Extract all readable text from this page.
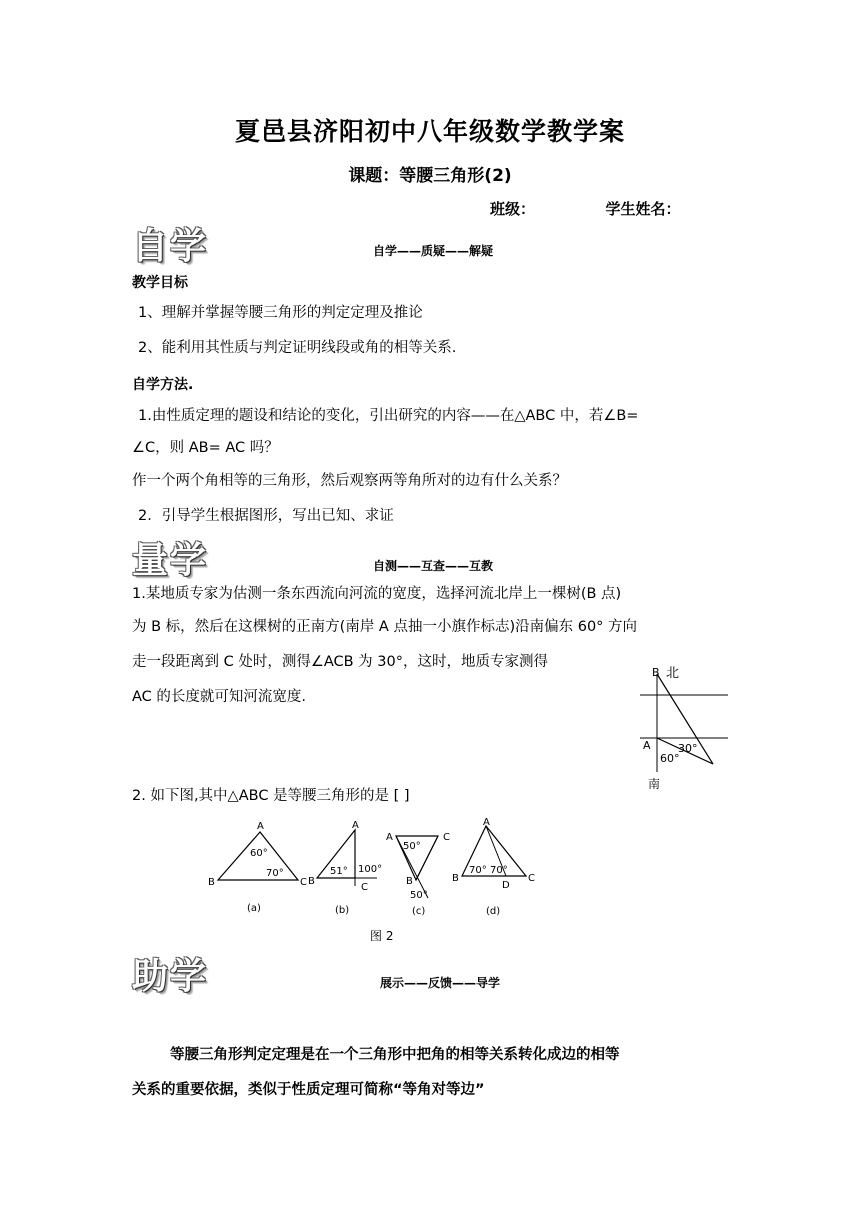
夏邑县济阳初中八年级数学教学案
课题：等腰三角形(2)
班级：	学生姓名：
自学	自学——质疑——解疑
教学目标
1、理解并掌握等腰三角形的判定定理及推论
2、能利用其性质与判定证明线段或角的相等关系.
自学方法.
1.由性质定理的题设和结论的变化，引出研究的内容——在△ABC 中，若∠B=
∠C，则 AB= AC 吗？
作一个两个角相等的三角形，然后观察两等角所对的边有什么关系？
2．引导学生根据图形，写出已知、求证
量学	自测——互查——互教
1.某地质专家为估测一条东西流向河流的宽度，选择河流北岸上一棵树(B 点)
为 B 标，然后在这棵树的正南方(南岸 A 点抽一小旗作标志)沿南偏东 60° 方向
走一段距离到 C 处时，测得∠ACB 为 30°，这时，地质专家测得
AC 的长度就可知河流宽度.
B 北
A 30°
60°
南
2. 如下图,其中△ABC 是等腰三角形的是 [ ]
A
B	C
60°
70°
(a)
A
B
C
51° 100°
(b)
A	C
B
50°
50°
(c)
A
B	C
D
70° 70°
(d)
图 2
助学	展示——反馈——导学
等腰三角形判定定理是在一个三角形中把角的相等关系转化成边的相等
关系的重要依据，类似于性质定理可简称“等角对等边”
